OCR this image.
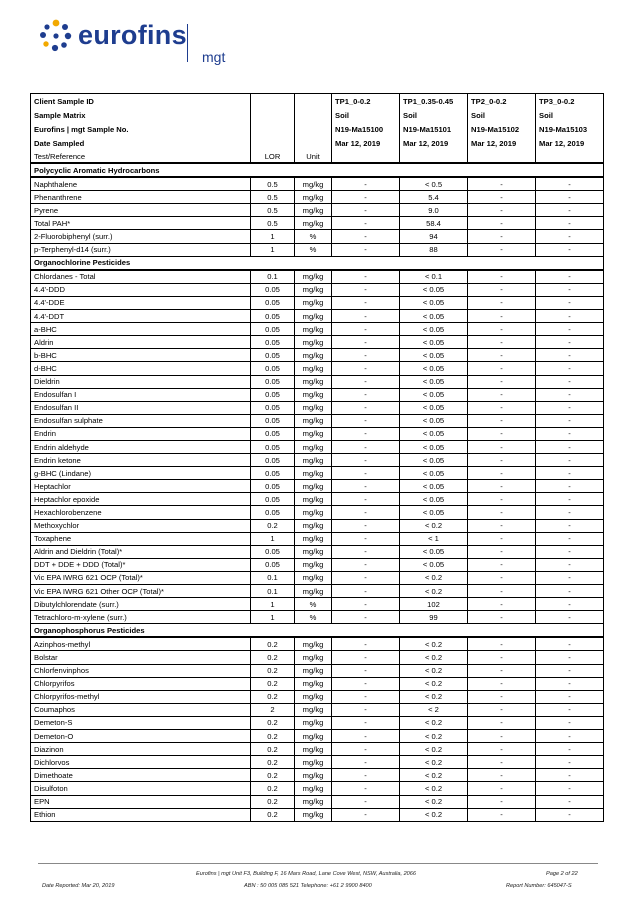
eurofins
mgt
Client Sample ID			TP1_0-0.2	TP1_0.35-0.45	TP2_0-0.2	TP3_0-0.2
Sample Matrix			Soil	Soil	Soil	Soil
Eurofins | mgt Sample No.			N19-Ma15100	N19-Ma15101	N19-Ma15102	N19-Ma15103
Date Sampled			Mar 12, 2019	Mar 12, 2019	Mar 12, 2019	Mar 12, 2019
Test/Reference	LOR	Unit				
Polycyclic Aromatic Hydrocarbons						
Naphthalene	0.5	mg/kg	-	< 0.5	-	-
Phenanthrene	0.5	mg/kg	-	5.4	-	-
Pyrene	0.5	mg/kg	-	9.0	-	-
Total PAH*	0.5	mg/kg	-	58.4	-	-
2-Fluorobiphenyl (surr.)	1	%	-	94	-	-
p-Terphenyl-d14 (surr.)	1	%	-	88	-	-
Organochlorine Pesticides						
Chlordanes - Total	0.1	mg/kg	-	< 0.1	-	-
4.4'-DDD	0.05	mg/kg	-	< 0.05	-	-
4.4'-DDE	0.05	mg/kg	-	< 0.05	-	-
4.4'-DDT	0.05	mg/kg	-	< 0.05	-	-
a-BHC	0.05	mg/kg	-	< 0.05	-	-
Aldrin	0.05	mg/kg	-	< 0.05	-	-
b-BHC	0.05	mg/kg	-	< 0.05	-	-
d-BHC	0.05	mg/kg	-	< 0.05	-	-
Dieldrin	0.05	mg/kg	-	< 0.05	-	-
Endosulfan I	0.05	mg/kg	-	< 0.05	-	-
Endosulfan II	0.05	mg/kg	-	< 0.05	-	-
Endosulfan sulphate	0.05	mg/kg	-	< 0.05	-	-
Endrin	0.05	mg/kg	-	< 0.05	-	-
Endrin aldehyde	0.05	mg/kg	-	< 0.05	-	-
Endrin ketone	0.05	mg/kg	-	< 0.05	-	-
g-BHC (Lindane)	0.05	mg/kg	-	< 0.05	-	-
Heptachlor	0.05	mg/kg	-	< 0.05	-	-
Heptachlor epoxide	0.05	mg/kg	-	< 0.05	-	-
Hexachlorobenzene	0.05	mg/kg	-	< 0.05	-	-
Methoxychlor	0.2	mg/kg	-	< 0.2	-	-
Toxaphene	1	mg/kg	-	< 1	-	-
Aldrin and Dieldrin (Total)*	0.05	mg/kg	-	< 0.05	-	-
DDT + DDE + DDD (Total)*	0.05	mg/kg	-	< 0.05	-	-
Vic EPA IWRG 621 OCP (Total)*	0.1	mg/kg	-	< 0.2	-	-
Vic EPA IWRG 621 Other OCP (Total)*	0.1	mg/kg	-	< 0.2	-	-
Dibutylchlorendate (surr.)	1	%	-	102	-	-
Tetrachloro-m-xylene (surr.)	1	%	-	99	-	-
Organophosphorus Pesticides						
Azinphos-methyl	0.2	mg/kg	-	< 0.2	-	-
Bolstar	0.2	mg/kg	-	< 0.2	-	-
Chlorfenvinphos	0.2	mg/kg	-	< 0.2	-	-
Chlorpyrifos	0.2	mg/kg	-	< 0.2	-	-
Chlorpyrifos-methyl	0.2	mg/kg	-	< 0.2	-	-
Coumaphos	2	mg/kg	-	< 2	-	-
Demeton-S	0.2	mg/kg	-	< 0.2	-	-
Demeton-O	0.2	mg/kg	-	< 0.2	-	-
Diazinon	0.2	mg/kg	-	< 0.2	-	-
Dichlorvos	0.2	mg/kg	-	< 0.2	-	-
Dimethoate	0.2	mg/kg	-	< 0.2	-	-
Disulfoton	0.2	mg/kg	-	< 0.2	-	-
EPN	0.2	mg/kg	-	< 0.2	-	-
Ethion	0.2	mg/kg	-	< 0.2	-	-
Eurofins | mgt Unit F3, Building F, 16 Mars Road, Lane Cove West, NSW, Australia, 2066	Page 2 of 22
Date Reported: Mar 20, 2019	ABN : 50 005 085 521 Telephone: +61 2 9900 8400	Report Number: 645047-S
